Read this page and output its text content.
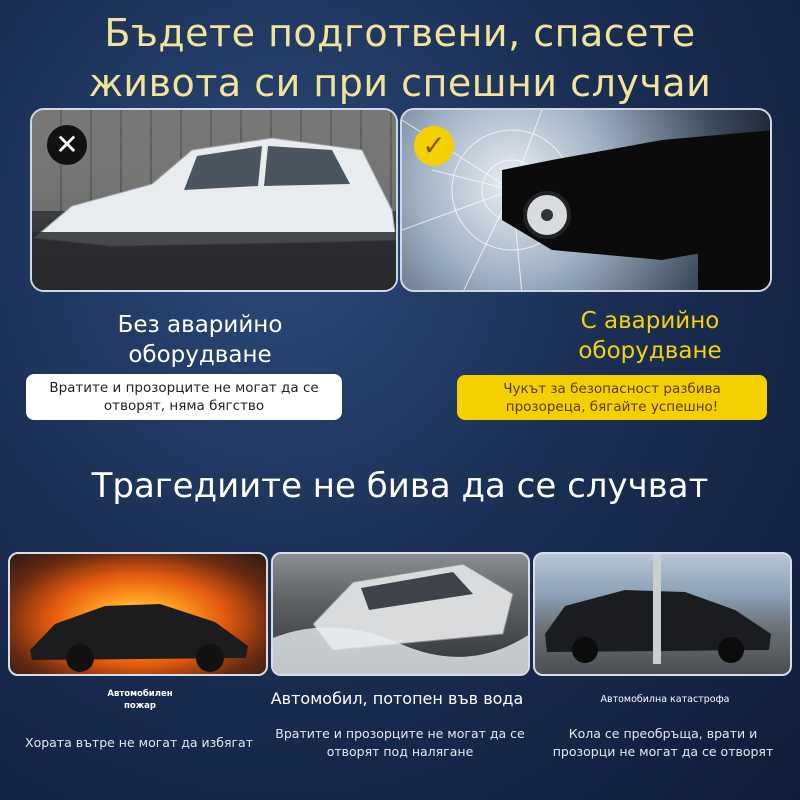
Бъдете подготвени, спасете
живота си при спешни случаи
✕	✓
Без аварийно
оборудване
С аварийно
оборудване
Вратите и прозорците не могат да се отворят, няма бягство
Чукът за безопасност разбива прозореца, бягайте успешно!
Трагедиите не бива да се случват
Автомобилен
пожар	Автомобил, потопен във вода	Автомобилна катастрофа
Хората вътре не могат да избягат
Вратите и прозорците не могат да се отворят под налягане
Кола се преобръща, врати и прозорци не могат да се отворят
